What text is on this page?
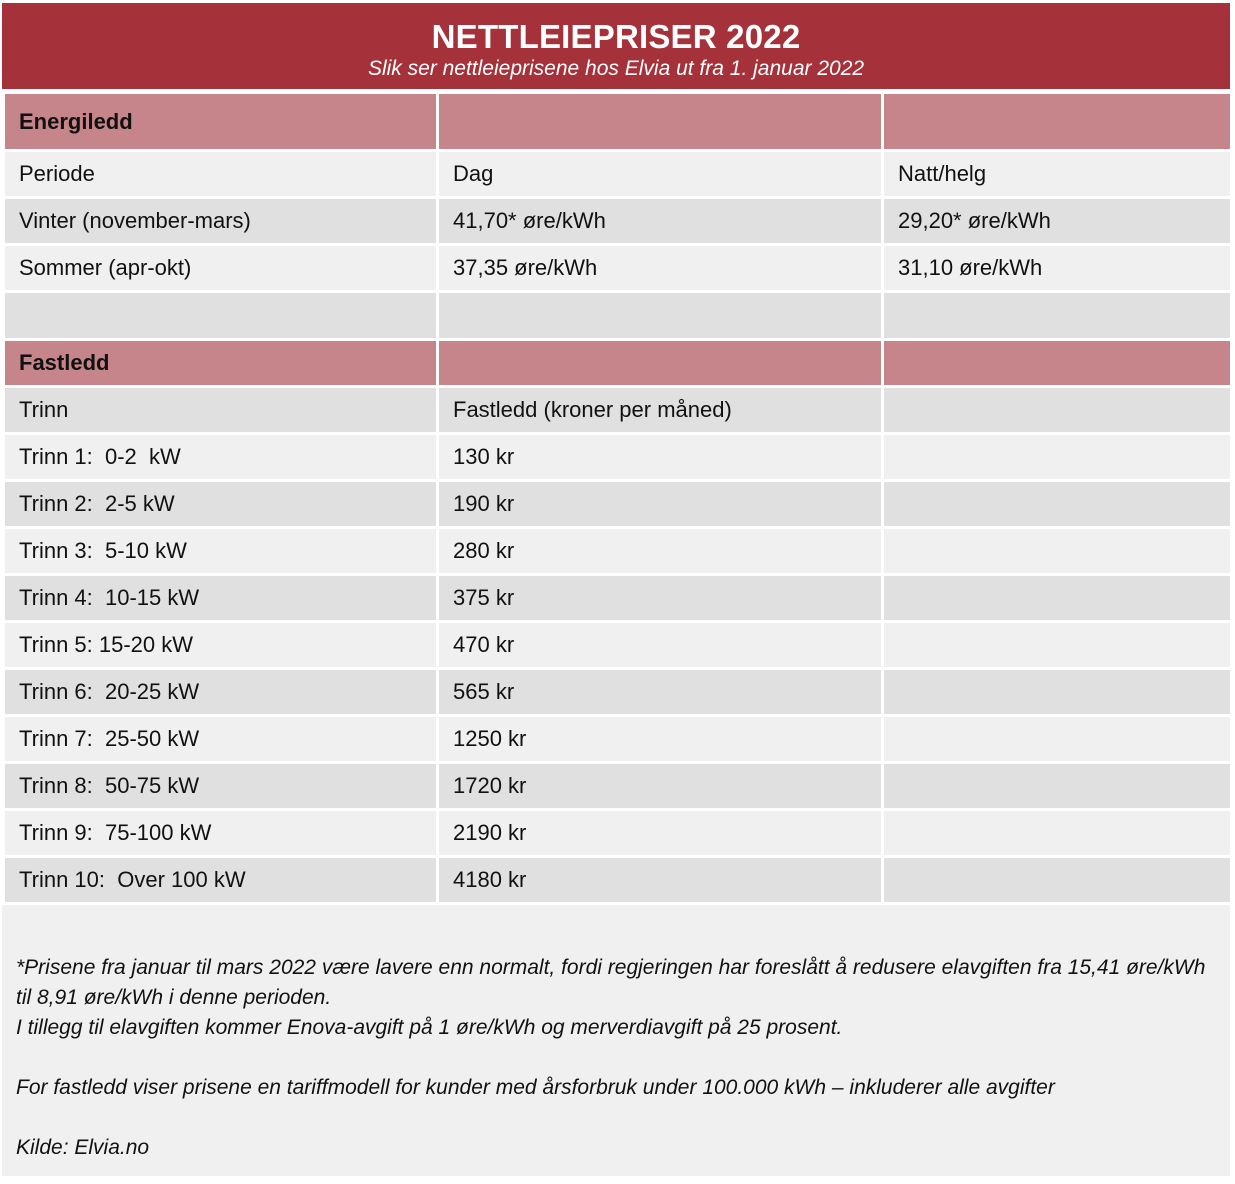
NETTLEIEPRISER 2022
Slik ser nettleieprisene hos Elvia ut fra 1. januar 2022
Energiledd		
Periode	Dag	Natt/helg
Vinter (november-mars)	41,70* øre/kWh	29,20* øre/kWh
Sommer (apr-okt)	37,35 øre/kWh	31,10 øre/kWh

Fastledd		
Trinn	Fastledd (kroner per måned)	
Trinn 1:  0-2  kW	130 kr	
Trinn 2:  2-5 kW	190 kr	
Trinn 3:  5-10 kW	280 kr	
Trinn 4:  10-15 kW	375 kr	
Trinn 5: 15-20 kW	470 kr	
Trinn 6:  20-25 kW	565 kr	
Trinn 7:  25-50 kW	1250 kr	
Trinn 8:  50-75 kW	1720 kr	
Trinn 9:  75-100 kW	2190 kr	
Trinn 10:  Over 100 kW	4180 kr	

*Prisene fra januar til mars 2022 være lavere enn normalt, fordi regjeringen har foreslått å redusere elavgiften fra 15,41 øre/kWh til 8,91 øre/kWh i denne perioden.

I tillegg til elavgiften kommer Enova-avgift på 1 øre/kWh og merverdiavgift på 25 prosent.

For fastledd viser prisene en tariffmodell for kunder med årsforbruk under 100.000 kWh – inkluderer alle avgifter

Kilde: Elvia.no
